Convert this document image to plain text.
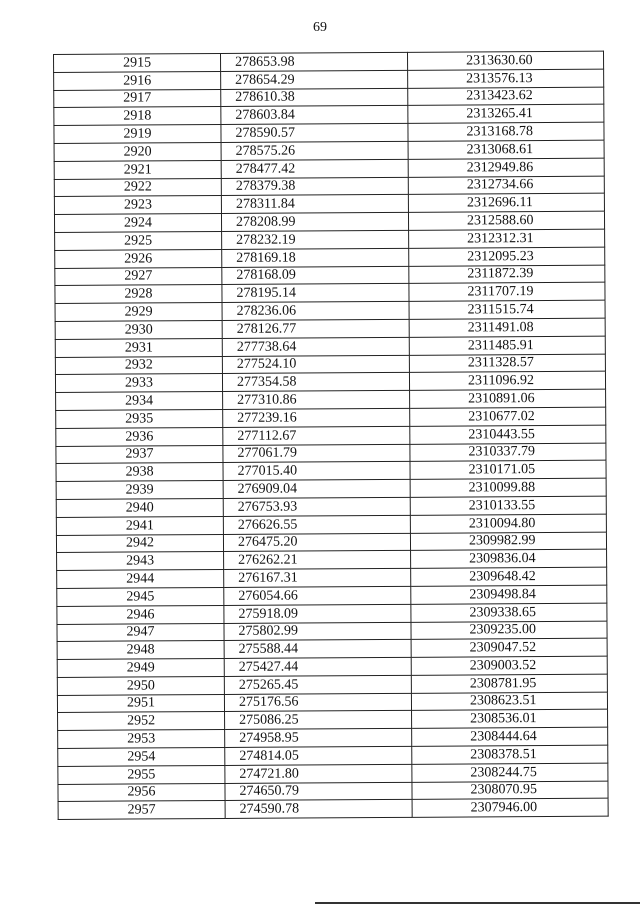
69
2915	278653.98	2313630.60
2916	278654.29	2313576.13
2917	278610.38	2313423.62
2918	278603.84	2313265.41
2919	278590.57	2313168.78
2920	278575.26	2313068.61
2921	278477.42	2312949.86
2922	278379.38	2312734.66
2923	278311.84	2312696.11
2924	278208.99	2312588.60
2925	278232.19	2312312.31
2926	278169.18	2312095.23
2927	278168.09	2311872.39
2928	278195.14	2311707.19
2929	278236.06	2311515.74
2930	278126.77	2311491.08
2931	277738.64	2311485.91
2932	277524.10	2311328.57
2933	277354.58	2311096.92
2934	277310.86	2310891.06
2935	277239.16	2310677.02
2936	277112.67	2310443.55
2937	277061.79	2310337.79
2938	277015.40	2310171.05
2939	276909.04	2310099.88
2940	276753.93	2310133.55
2941	276626.55	2310094.80
2942	276475.20	2309982.99
2943	276262.21	2309836.04
2944	276167.31	2309648.42
2945	276054.66	2309498.84
2946	275918.09	2309338.65
2947	275802.99	2309235.00
2948	275588.44	2309047.52
2949	275427.44	2309003.52
2950	275265.45	2308781.95
2951	275176.56	2308623.51
2952	275086.25	2308536.01
2953	274958.95	2308444.64
2954	274814.05	2308378.51
2955	274721.80	2308244.75
2956	274650.79	2308070.95
2957	274590.78	2307946.00
